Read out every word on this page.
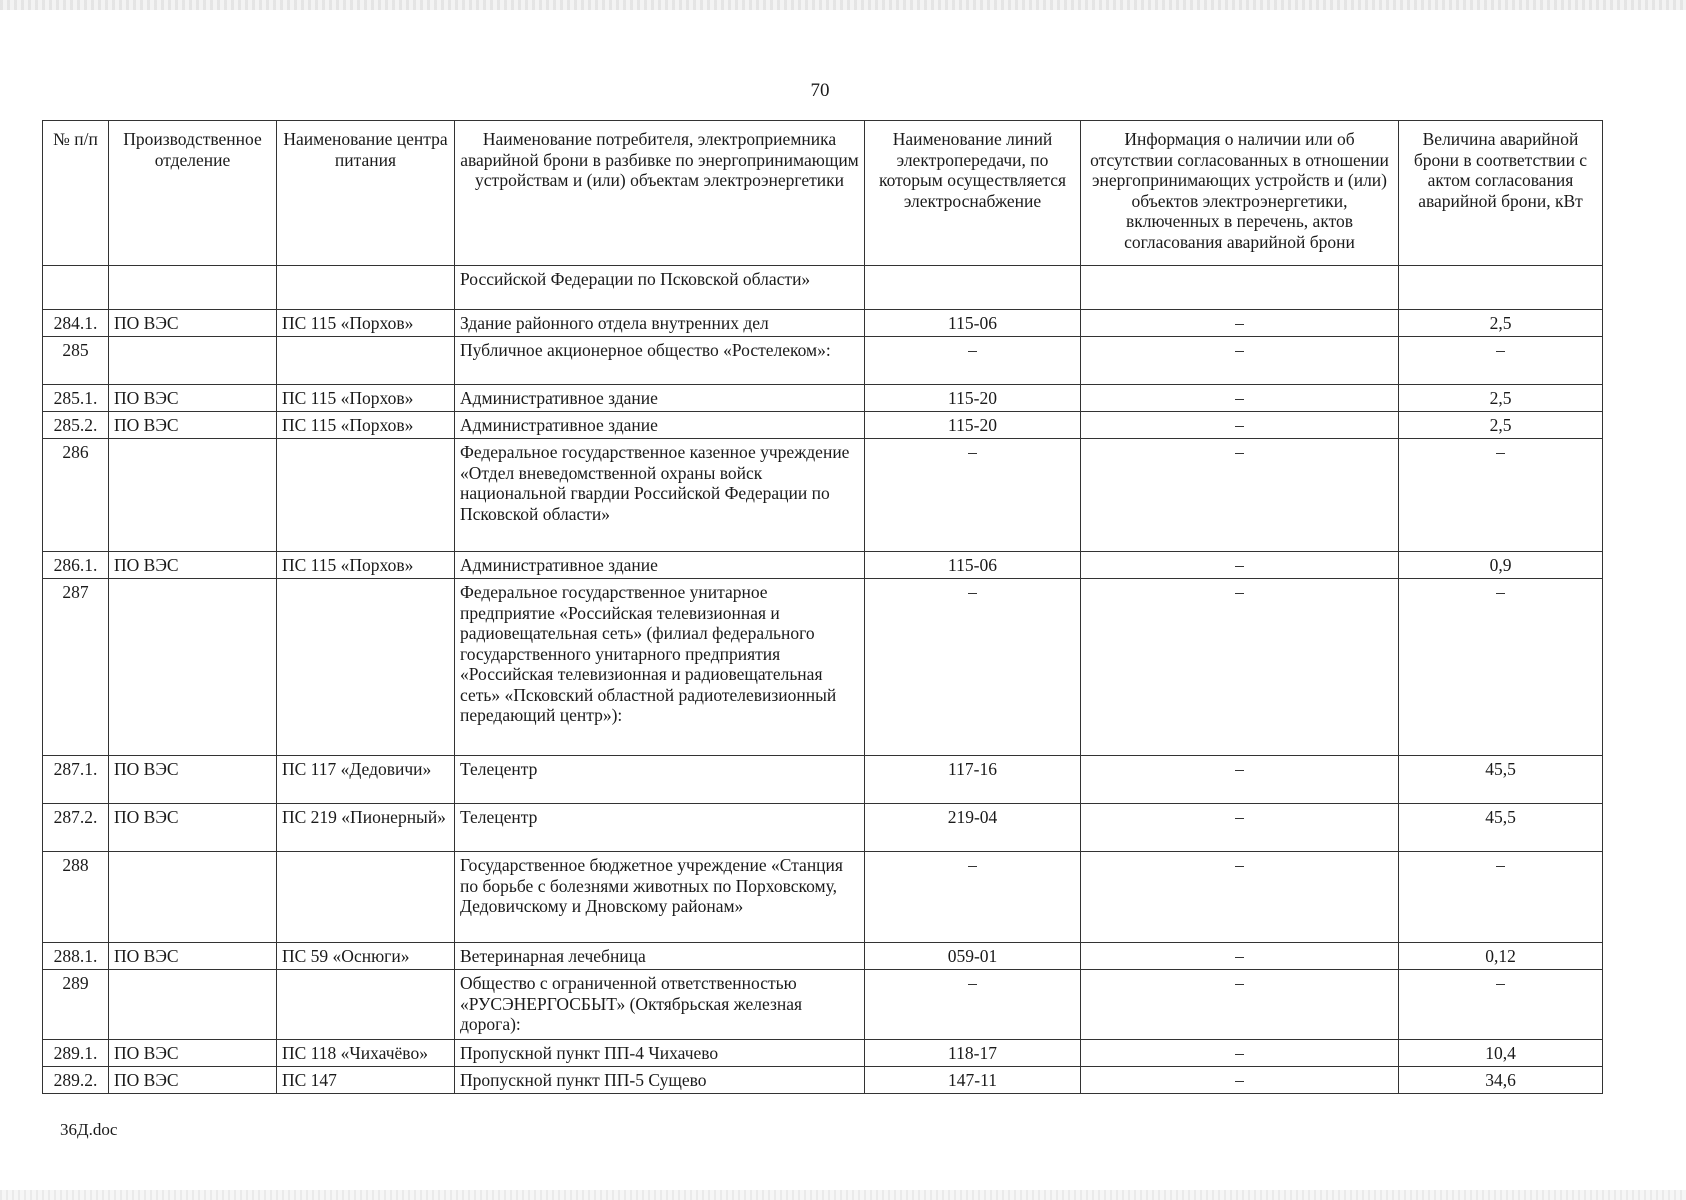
70
№ п/п	Производственное отделение	Наименование центра питания	Наименование потребителя, электроприемника аварийной брони в разбивке по энергопринимающим устройствам и (или) объектам электроэнергетики	Наименование линий электропередачи, по которым осуществляется электроснабжение	Информация о наличии или об отсутствии согласованных в отношении энергопринимающих устройств и (или) объектов электроэнергетики, включенных в перечень, актов согласования аварийной брони	Величина аварийной брони в соответствии с актом согласования аварийной брони, кВт
			Российской Федерации по Псковской области»			
284.1.	ПО ВЭС	ПС 115 «Порхов»	Здание районного отдела внутренних дел	115-06	–	2,5
285			Публичное акционерное общество «Ростелеком»:	–	–	–
285.1.	ПО ВЭС	ПС 115 «Порхов»	Административное здание	115-20	–	2,5
285.2.	ПО ВЭС	ПС 115 «Порхов»	Административное здание	115-20	–	2,5
286			Федеральное государственное казенное учреждение «Отдел вневедомственной охраны войск национальной гвардии Российской Федерации по Псковской области»	–	–	–
286.1.	ПО ВЭС	ПС 115 «Порхов»	Административное здание	115-06	–	0,9
287			Федеральное государственное унитарное предприятие «Российская телевизионная и радиовещательная сеть» (филиал федерального государственного унитарного предприятия «Российская телевизионная и радиовещательная сеть» «Псковский областной радиотелевизионный передающий центр»):	–	–	–
287.1.	ПО ВЭС	ПС 117 «Дедовичи»	Телецентр	117-16	–	45,5
287.2.	ПО ВЭС	ПС 219 «Пионерный»	Телецентр	219-04	–	45,5
288			Государственное бюджетное учреждение «Станция по борьбе с болезнями животных по Порховскому, Дедовичскому и Дновскому районам»	–	–	–
288.1.	ПО ВЭС	ПС 59 «Оснюги»	Ветеринарная лечебница	059-01	–	0,12
289			Общество с ограниченной ответственностью «РУСЭНЕРГОСБЫТ» (Октябрьская железная дорога):	–	–	–
289.1.	ПО ВЭС	ПС 118 «Чихачёво»	Пропускной пункт ПП-4 Чихачево	118-17	–	10,4
289.2.	ПО ВЭС	ПС 147	Пропускной пункт ПП-5 Сущево	147-11	–	34,6
36Д.doc
